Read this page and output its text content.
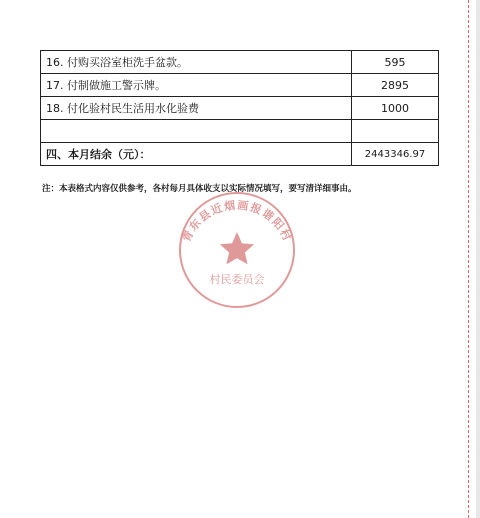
16. 付购买浴室柜洗手盆款。	595
17. 付制做施工警示牌。	2895
18. 付化验村民生活用水化验费	1000

四、本月结余（元）：	2443346.97
注：本表格式内容仅供参考，各村每月具体收支以实际情况填写，要写清详细事由。
青东县近烟画报谐阳村
村民委员会
